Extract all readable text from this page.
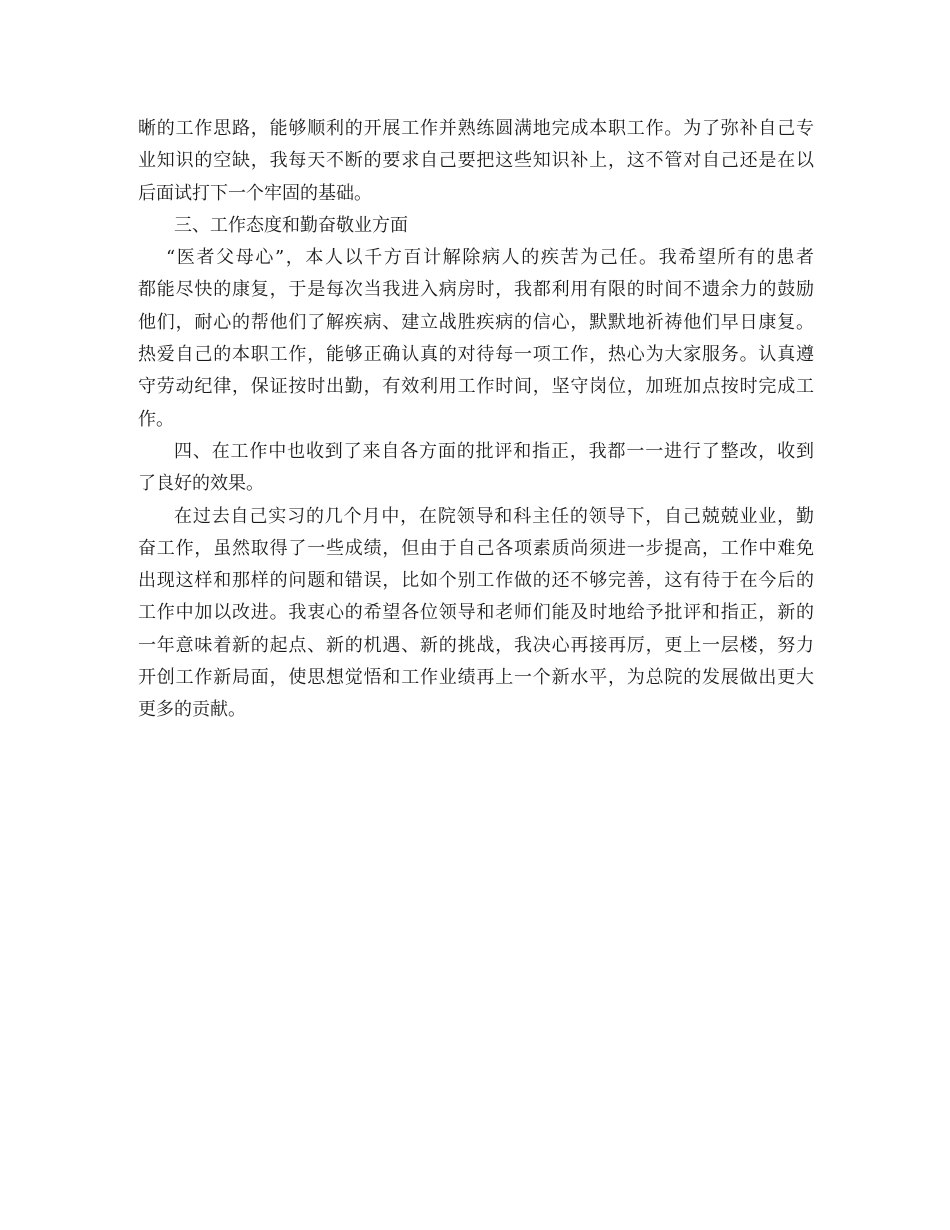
晰的工作思路，能够顺利的开展工作并熟练圆满地完成本职工作。为了弥补自己专
业知识的空缺，我每天不断的要求自己要把这些知识补上，这不管对自己还是在以
后面试打下一个牢固的基础。
三、工作态度和勤奋敬业方面
“医者父母心”，本人以千方百计解除病人的疾苦为己任。我希望所有的患者
都能尽快的康复，于是每次当我进入病房时，我都利用有限的时间不遗余力的鼓励
他们，耐心的帮他们了解疾病、建立战胜疾病的信心，默默地祈祷他们早日康复。
热爱自己的本职工作，能够正确认真的对待每一项工作，热心为大家服务。认真遵
守劳动纪律，保证按时出勤，有效利用工作时间，坚守岗位，加班加点按时完成工
作。
四、在工作中也收到了来自各方面的批评和指正，我都一一进行了整改，收到
了良好的效果。
在过去自己实习的几个月中，在院领导和科主任的领导下，自己兢兢业业，勤
奋工作，虽然取得了一些成绩，但由于自己各项素质尚须进一步提高，工作中难免
出现这样和那样的问题和错误，比如个别工作做的还不够完善，这有待于在今后的
工作中加以改进。我衷心的希望各位领导和老师们能及时地给予批评和指正，新的
一年意味着新的起点、新的机遇、新的挑战，我决心再接再厉，更上一层楼，努力
开创工作新局面，使思想觉悟和工作业绩再上一个新水平，为总院的发展做出更大
更多的贡献。
